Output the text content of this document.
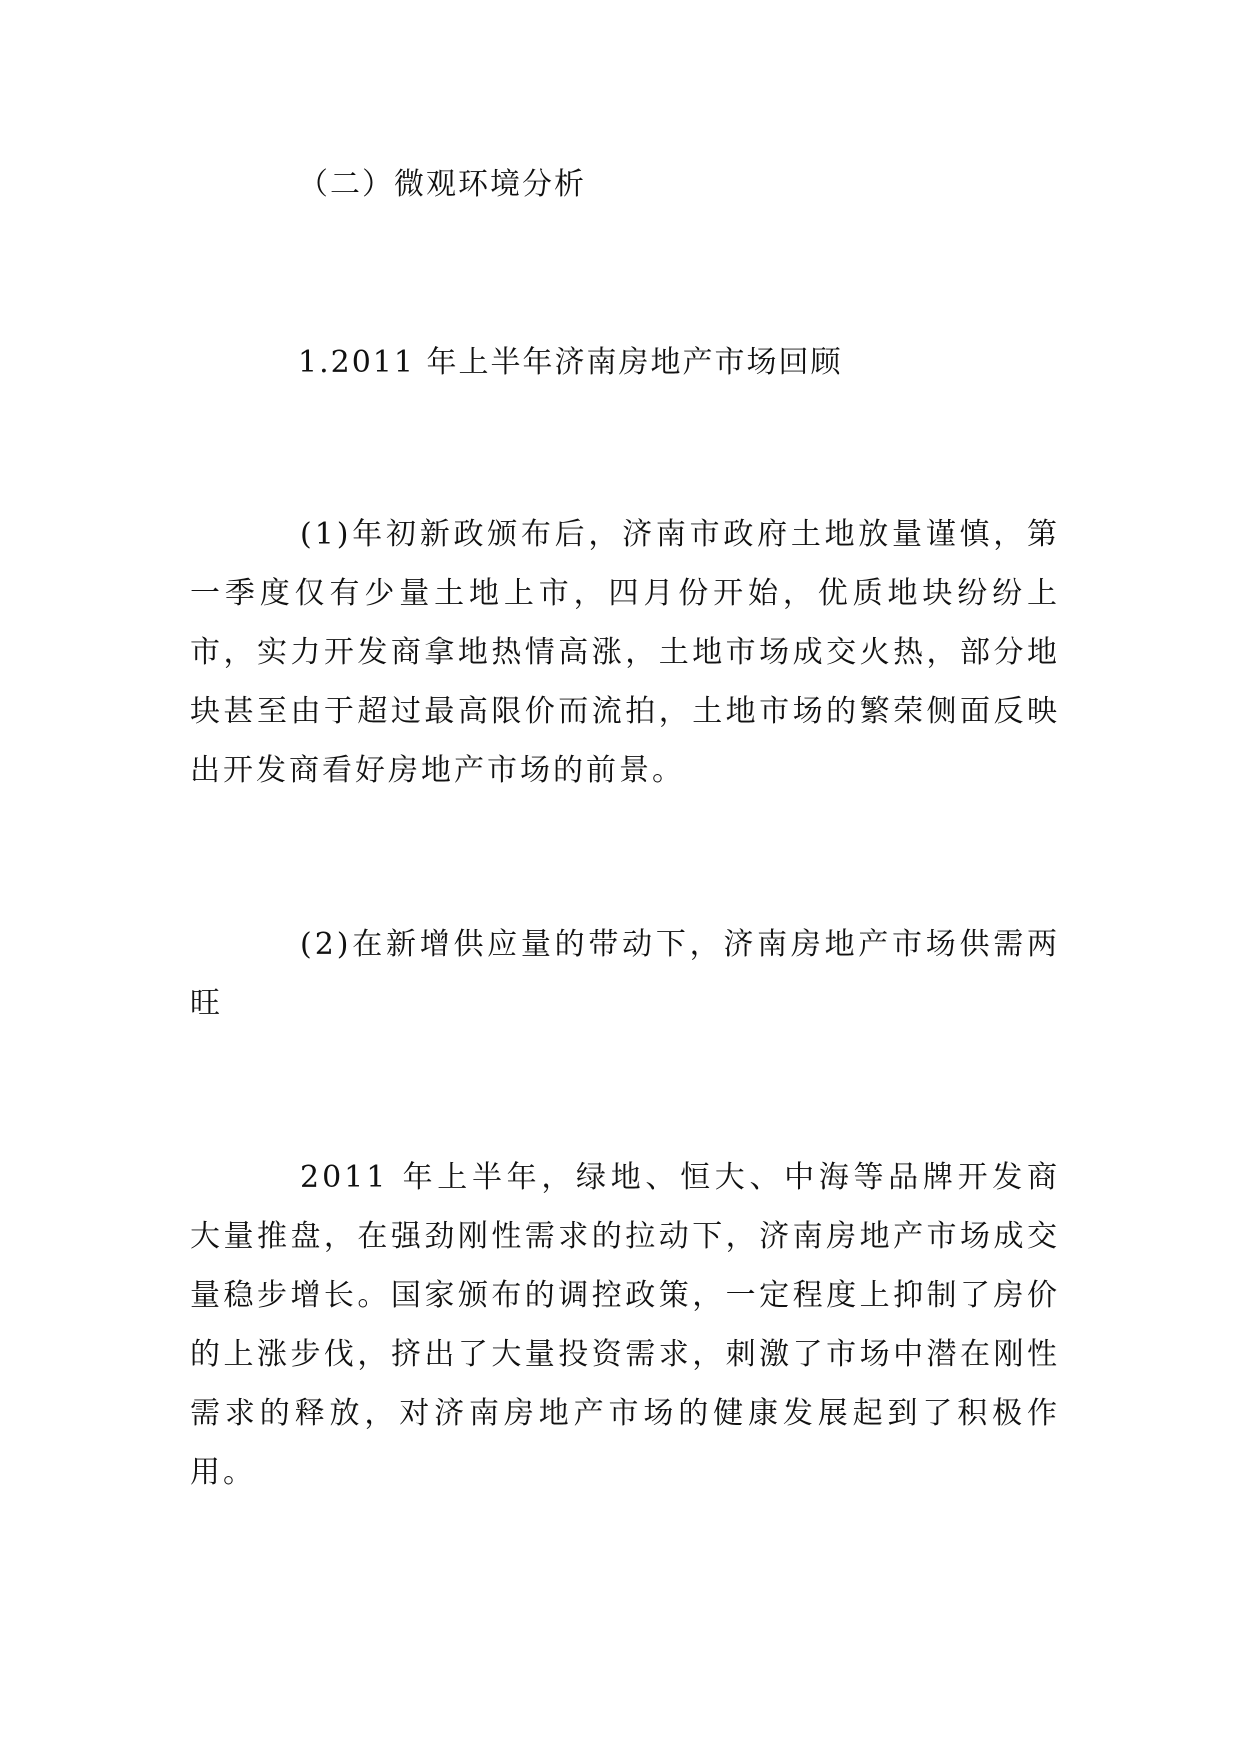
（二）微观环境分析
1.2011 年上半年济南房地产市场回顾

(1)年初新政颁布后，济南市政府土地放量谨慎，第一季度仅有少量土地上市，四月份开始，优质地块纷纷上市，实力开发商拿地热情高涨，土地市场成交火热，部分地块甚至由于超过最高限价而流拍，土地市场的繁荣侧面反映出开发商看好房地产市场的前景。

(2)在新增供应量的带动下，济南房地产市场供需两旺

2011 年上半年，绿地、恒大、中海等品牌开发商大量推盘，在强劲刚性需求的拉动下，济南房地产市场成交量稳步增长。国家颁布的调控政策，一定程度上抑制了房价的上涨步伐，挤出了大量投资需求，刺激了市场中潜在刚性需求的释放，对济南房地产市场的健康发展起到了积极作用。
